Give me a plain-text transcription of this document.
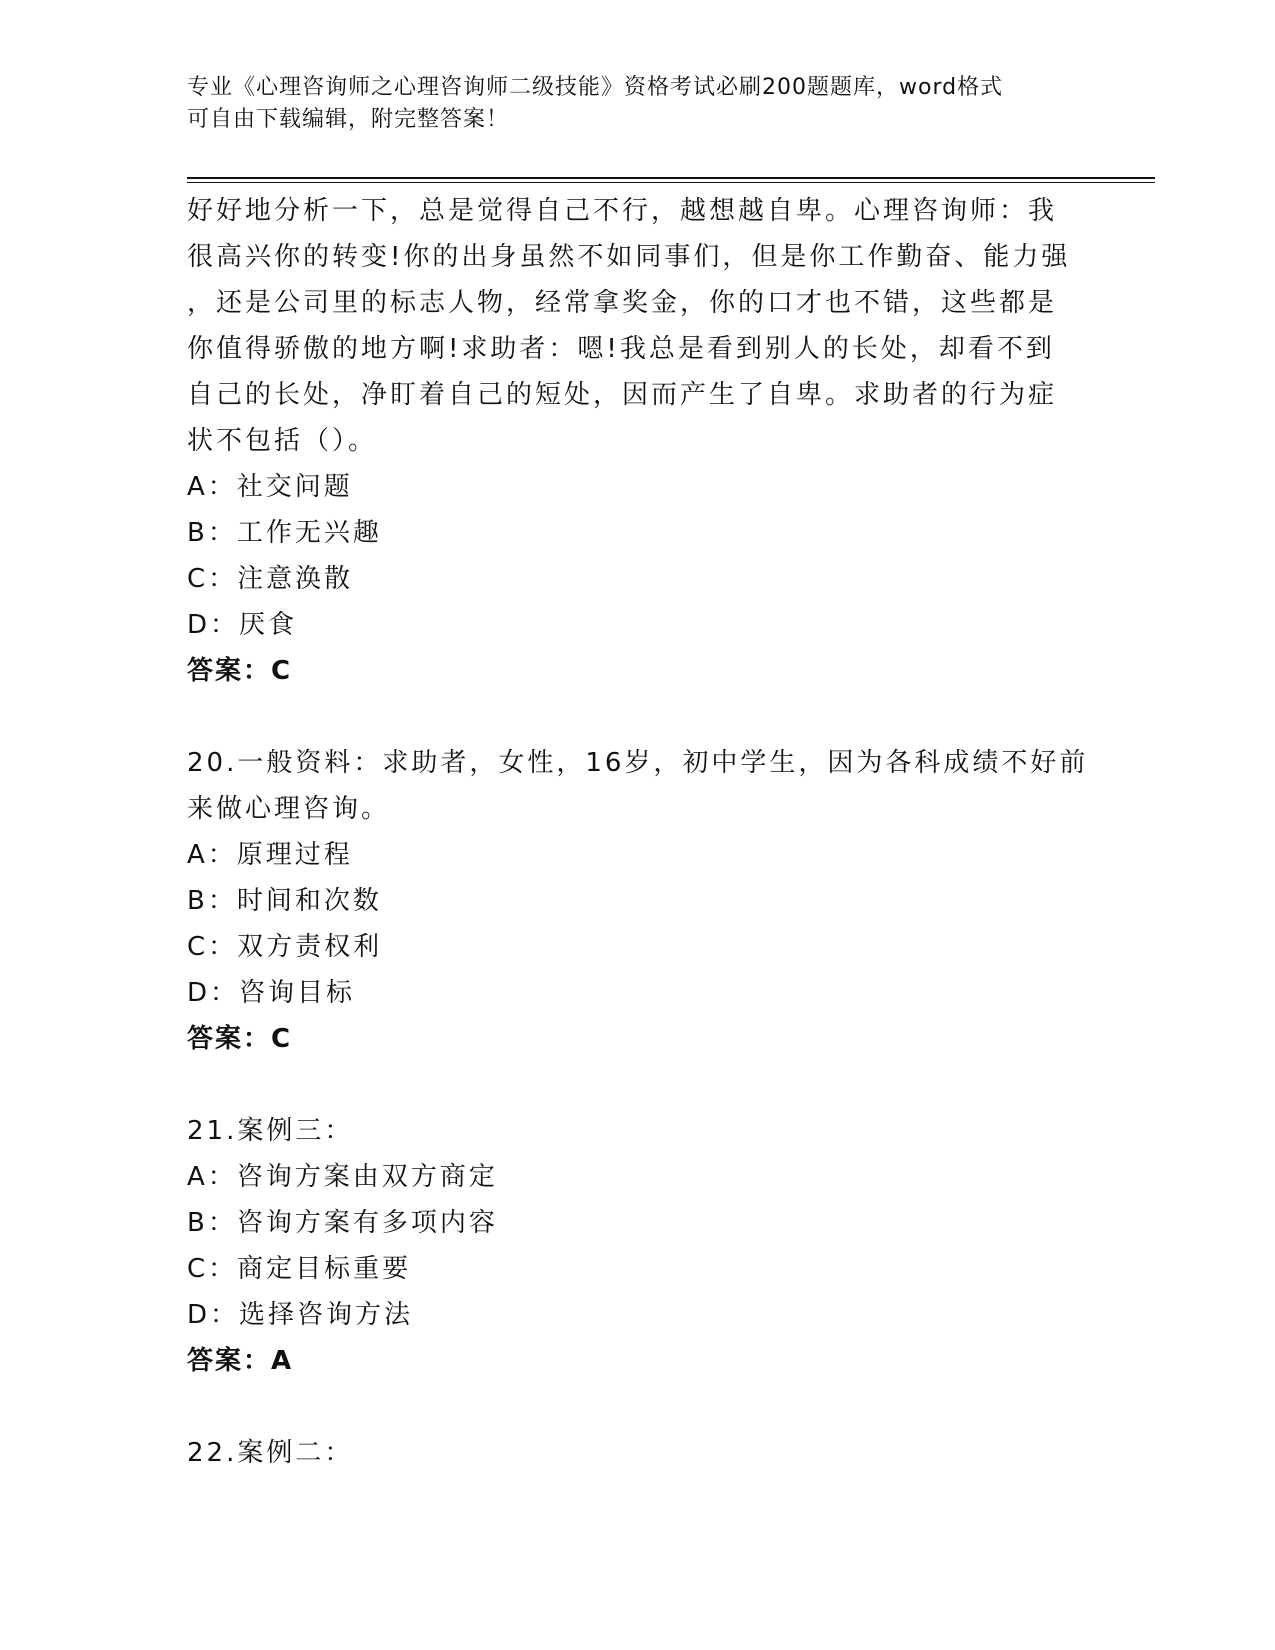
专业《心理咨询师之心理咨询师二级技能》资格考试必刷200题题库，word格式
可自由下载编辑，附完整答案！
好好地分析一下，总是觉得自己不行，越想越自卑。心理咨询师：我
很高兴你的转变!你的出身虽然不如同事们，但是你工作勤奋、能力强
，还是公司里的标志人物，经常拿奖金，你的口才也不错，这些都是
你值得骄傲的地方啊!求助者：嗯!我总是看到别人的长处，却看不到
自己的长处，净盯着自己的短处，因而产生了自卑。求助者的行为症
状不包括（）。
A：社交问题
B：工作无兴趣
C：注意涣散
D：厌食
答案：C
20.一般资料：求助者，女性，16岁，初中学生，因为各科成绩不好前
来做心理咨询。
A：原理过程
B：时间和次数
C：双方责权利
D：咨询目标
答案：C
21.案例三：
A：咨询方案由双方商定
B：咨询方案有多项内容
C：商定目标重要
D：选择咨询方法
答案：A
22.案例二：
